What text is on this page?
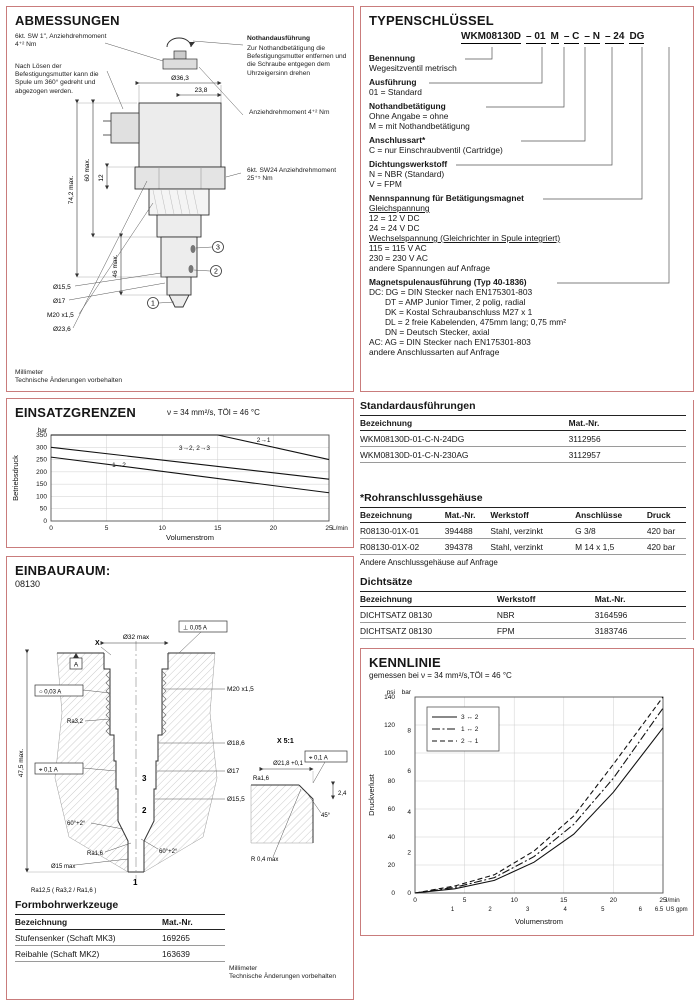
ABMESSUNGEN
Ø36,3
23,8
3
2
1
74,2 max.
60 max. 12
46 max.
Ø15,5
Ø17
M20 x1,5
Ø23,6
6kt. SW 1", Anziehdrehmoment 4⁺² Nm
Nach Lösen der Befestigungsmutter kann die Spule um 360° gedreht und abgezogen werden.
Nothandausführung
Zur Nothandbetätigung die Befestigungsmutter entfernen und die Schraube entgegen dem Uhrzeigersinn drehen
Anziehdrehmoment 4⁺² Nm
6kt. SW24 Anziehdrehmoment 25⁺⁵ Nm
Millimeter
Technische Änderungen vorbehalten
EINSATZGRENZEN	ν = 34 mm²/s, TÖl = 46 °C
0	5	10	15	20	25
0
50
100
150
200
250
300
350
bar
L/min
Volumenstrom
Betriebsdruck
2→1
3→2, 2→3
1→2
EINBAURAUM:
08130
Ø32 max
M20 x1,5
Ø18,6
Ø17
Ø15,5
⊥ 0,05 A
○ 0,03 A
⌖ 0,1 A
A
47,5 max.
60°+2°
60°+2°
Ra3,2
Ra1,6
Ø15 max
3
2
1
X
Ra12,5 ( Ra3,2 / Ra1,6 )
X 5:1
Ø21,8 +0,1
R 0,4 max
45°
⌖ 0,1 A
Ra1,6
2,4
Formbohrwerkzeuge
Bezeichnung	Mat.-Nr.
Stufensenker (Schaft MK3)	169265
Reibahle (Schaft MK2)	163639
Millimeter
Technische Änderungen vorbehalten
TYPENSCHLÜSSEL
WKM08130D – 01 M – C – N – 24 DG
Benennung
Wegesitzventil metrisch
Ausführung
01 = Standard
Nothandbetätigung
Ohne Angabe = ohne
M = mit Nothandbetätigung
Anschlussart*
C = nur Einschraubventil (Cartridge)
Dichtungswerkstoff
N = NBR (Standard)
V = FPM
Nennspannung für Betätigungsmagnet
Gleichspannung
12 = 12 V DC
24 = 24 V DC
Wechselspannung (Gleichrichter in Spule integriert)
115 = 115 V AC
230 = 230 V AC
andere Spannungen auf Anfrage
Magnetspulenausführung (Typ 40-1836)
DC: DG = DIN Stecker nach EN175301-803
DT = AMP Junior Timer, 2 polig, radial
DK = Kostal Schraubanschluss M27 x 1
DL = 2 freie Kabelenden, 475mm lang; 0,75 mm²
DN = Deutsch Stecker, axial
AC: AG = DIN Stecker nach EN175301-803
andere Anschlussarten auf Anfrage
Standardausführungen
Bezeichnung	Mat.-Nr.
WKM08130D-01-C-N-24DG	3112956
WKM08130D-01-C-N-230AG	3112957
*Rohranschlussgehäuse
Bezeichnung	Mat.-Nr.	Werkstoff	Anschlüsse	Druck
R08130-01X-01	394488	Stahl, verzinkt	G 3/8	420 bar
R08130-01X-02	394378	Stahl, verzinkt	M 14 x 1,5	420 bar
Andere Anschlussgehäuse auf Anfrage
Dichtsätze
Bezeichnung	Werkstoff	Mat.-Nr.
DICHTSATZ 08130	NBR	3164596
DICHTSATZ 08130	FPM	3183746
KENNLINIE
gemessen bei ν = 34 mm²/s,TÖl = 46 °C
0	5	10	15	20	25
0
20
40
60
80
100
120
140
0
2
4
6
8
1	2	3	4	5	6 6.5
psi bar
l/min
US gpm
Volumenstrom
Druckverlust
3 ↔ 2
1 ↔ 2
2 → 1
